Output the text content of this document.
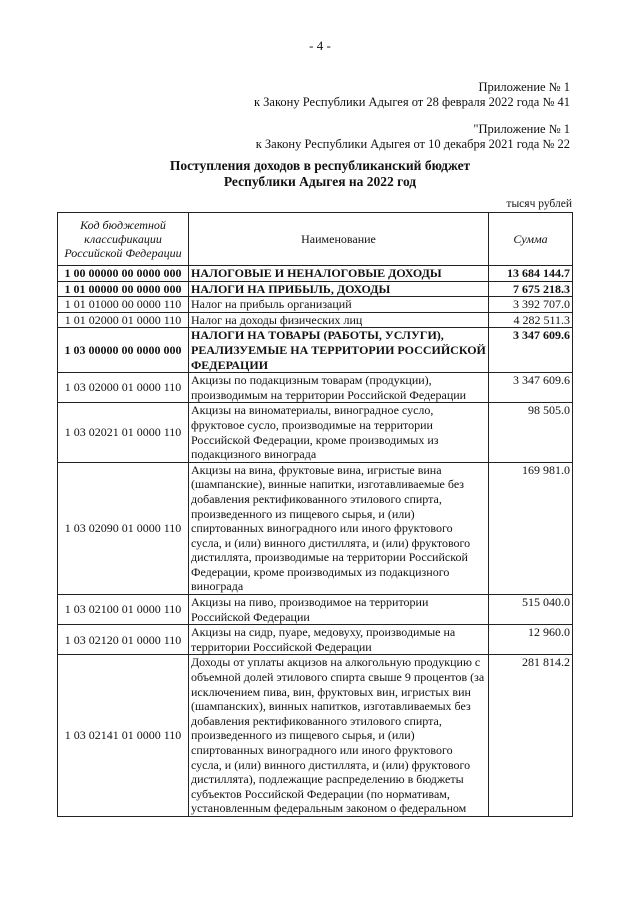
- 4 -
Приложение № 1
к Закону Республики Адыгея от 28 февраля 2022 года № 41
"Приложение № 1
к Закону Республики Адыгея от 10 декабря 2021 года № 22
Поступления доходов в республиканский бюджет
Республики Адыгея на 2022 год
тысяч рублей
Код бюджетной классификации Российской Федерации	Наименование	Сумма
1 00 00000 00 0000 000	НАЛОГОВЫЕ И НЕНАЛОГОВЫЕ ДОХОДЫ	13 684 144.7
1 01 00000 00 0000 000	НАЛОГИ НА ПРИБЫЛЬ, ДОХОДЫ	7 675 218.3
1 01 01000 00 0000 110	Налог на прибыль организаций	3 392 707.0
1 01 02000 01 0000 110	Налог на доходы физических лиц	4 282 511.3
1 03 00000 00 0000 000	НАЛОГИ НА ТОВАРЫ (РАБОТЫ, УСЛУГИ), РЕАЛИЗУЕМЫЕ НА ТЕРРИТОРИИ РОССИЙСКОЙ ФЕДЕРАЦИИ	3 347 609.6
1 03 02000 01 0000 110	Акцизы по подакцизным товарам (продукции), производимым на территории Российской Федерации	3 347 609.6
1 03 02021 01 0000 110	Акцизы на виноматериалы, виноградное сусло, фруктовое сусло, производимые на территории Российской Федерации, кроме производимых из подакцизного винограда	98 505.0
1 03 02090 01 0000 110	Акцизы на вина, фруктовые вина, игристые вина (шампанские), винные напитки, изготавливаемые без добавления ректификованного этилового спирта, произведенного из пищевого сырья, и (или) спиртованных виноградного или иного фруктового сусла, и (или) винного дистиллята, и (или) фруктового дистиллята, производимые на территории Российской Федерации, кроме производимых из подакцизного винограда	169 981.0
1 03 02100 01 0000 110	Акцизы на пиво, производимое на территории Российской Федерации	515 040.0
1 03 02120 01 0000 110	Акцизы на сидр, пуаре, медовуху, производимые на территории Российской Федерации	12 960.0
1 03 02141 01 0000 110	Доходы от уплаты акцизов на алкогольную продукцию с объемной долей этилового спирта свыше 9 процентов (за исключением пива, вин, фруктовых вин, игристых вин (шампанских), винных напитков, изготавливаемых без добавления ректификованного этилового спирта, произведенного из пищевого сырья, и (или) спиртованных виноградного или иного фруктового сусла, и (или) винного дистиллята, и (или) фруктового дистиллята), подлежащие распределению в бюджеты субъектов Российской Федерации (по нормативам, установленным федеральным законом о федеральном	281 814.2
